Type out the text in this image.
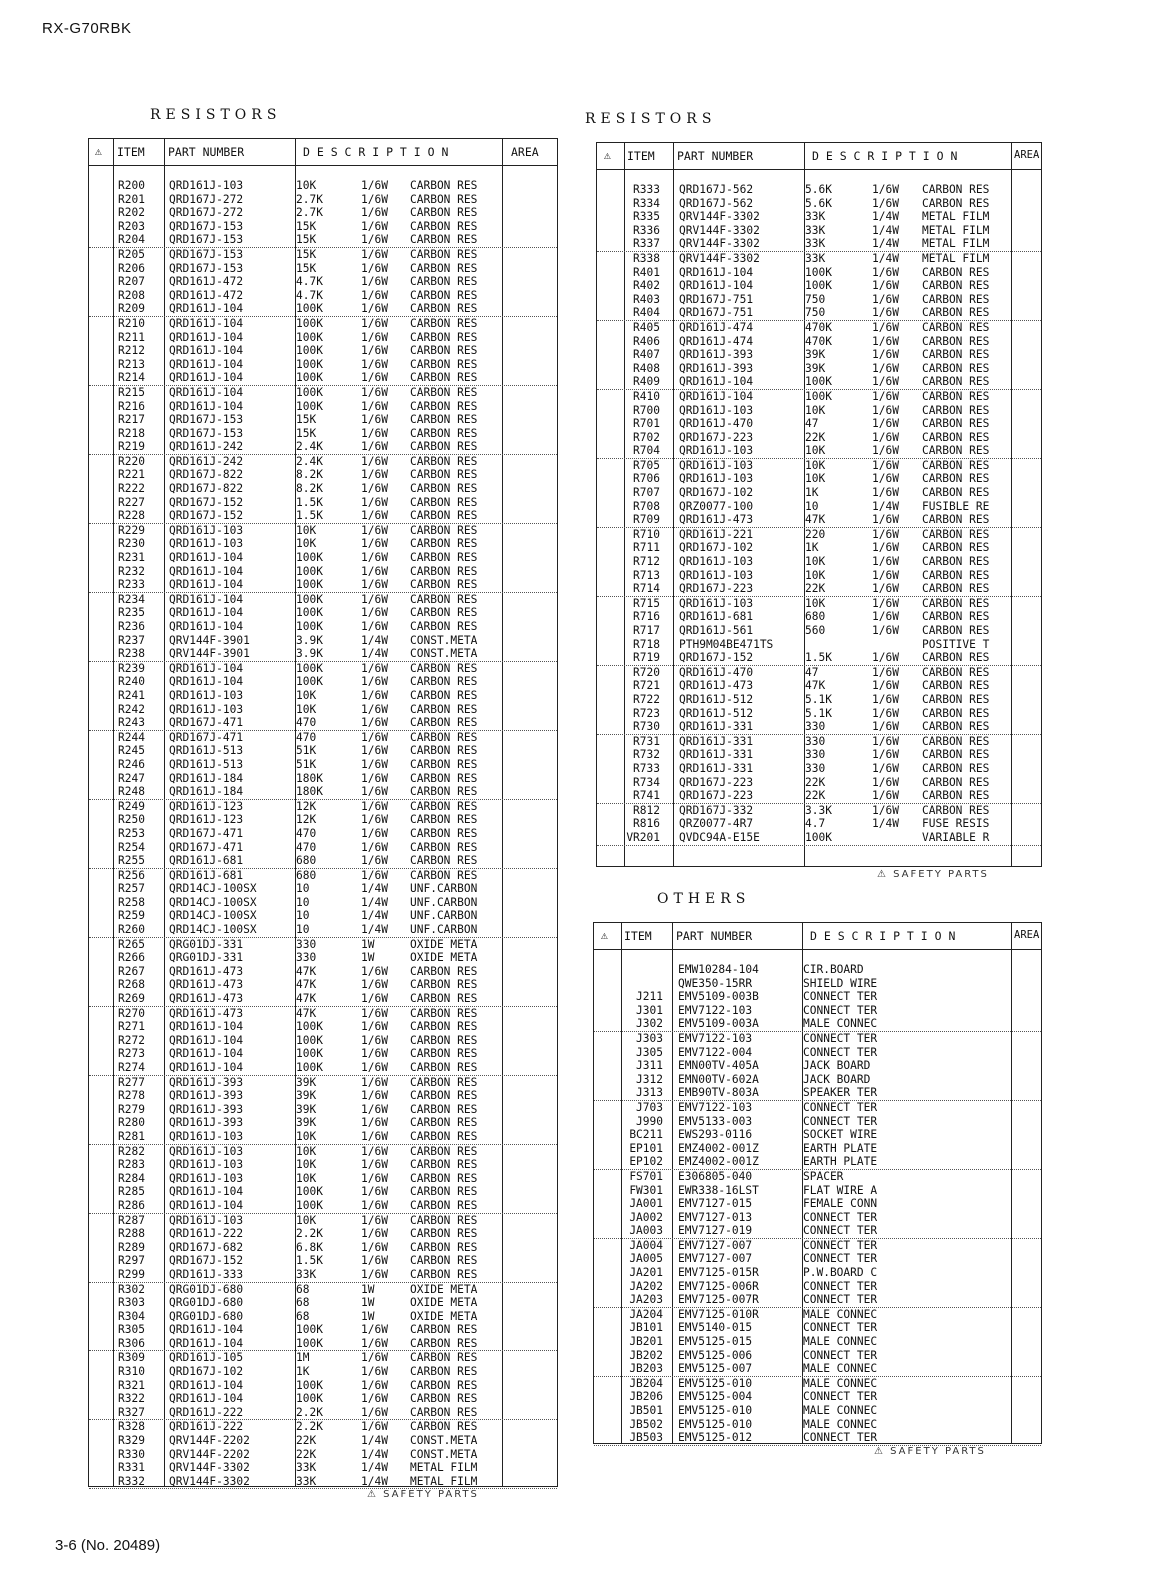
RX-G70RBK
RESISTORS
⚠ ITEM PART NUMBER	D E S C R I P T I O N	AREA
R200 QRD161J-103	10K	1/6W CARBON RES
R201 QRD167J-272	2.7K	1/6W CARBON RES
R202 QRD167J-272	2.7K	1/6W CARBON RES
R203 QRD167J-153	15K	1/6W CARBON RES
R204 QRD167J-153	15K	1/6W CARBON RES
R205 QRD167J-153	15K	1/6W CARBON RES
R206 QRD167J-153	15K	1/6W CARBON RES
R207 QRD161J-472	4.7K	1/6W CARBON RES
R208 QRD161J-472	4.7K	1/6W CARBON RES
R209 QRD161J-104	100K	1/6W CARBON RES
R210 QRD161J-104	100K	1/6W CARBON RES
R211 QRD161J-104	100K	1/6W CARBON RES
R212 QRD161J-104	100K	1/6W CARBON RES
R213 QRD161J-104	100K	1/6W CARBON RES
R214 QRD161J-104	100K	1/6W CARBON RES
R215 QRD161J-104	100K	1/6W CARBON RES
R216 QRD161J-104	100K	1/6W CARBON RES
R217 QRD167J-153	15K	1/6W CARBON RES
R218 QRD167J-153	15K	1/6W CARBON RES
R219 QRD161J-242	2.4K	1/6W CARBON RES
R220 QRD161J-242	2.4K	1/6W CARBON RES
R221 QRD167J-822	8.2K	1/6W CARBON RES
R222 QRD167J-822	8.2K	1/6W CARBON RES
R227 QRD167J-152	1.5K	1/6W CARBON RES
R228 QRD167J-152	1.5K	1/6W CARBON RES
R229 QRD161J-103	10K	1/6W CARBON RES
R230 QRD161J-103	10K	1/6W CARBON RES
R231 QRD161J-104	100K	1/6W CARBON RES
R232 QRD161J-104	100K	1/6W CARBON RES
R233 QRD161J-104	100K	1/6W CARBON RES
R234 QRD161J-104	100K	1/6W CARBON RES
R235 QRD161J-104	100K	1/6W CARBON RES
R236 QRD161J-104	100K	1/6W CARBON RES
R237 QRV144F-3901	3.9K	1/4W CONST.META
R238 QRV144F-3901	3.9K	1/4W CONST.META
R239 QRD161J-104	100K	1/6W CARBON RES
R240 QRD161J-104	100K	1/6W CARBON RES
R241 QRD161J-103	10K	1/6W CARBON RES
R242 QRD161J-103	10K	1/6W CARBON RES
R243 QRD167J-471	470	1/6W CARBON RES
R244 QRD167J-471	470	1/6W CARBON RES
R245 QRD161J-513	51K	1/6W CARBON RES
R246 QRD161J-513	51K	1/6W CARBON RES
R247 QRD161J-184	180K	1/6W CARBON RES
R248 QRD161J-184	180K	1/6W CARBON RES
R249 QRD161J-123	12K	1/6W CARBON RES
R250 QRD161J-123	12K	1/6W CARBON RES
R253 QRD167J-471	470	1/6W CARBON RES
R254 QRD167J-471	470	1/6W CARBON RES
R255 QRD161J-681	680	1/6W CARBON RES
R256 QRD161J-681	680	1/6W CARBON RES
R257 QRD14CJ-100SX	10	1/4W UNF.CARBON
R258 QRD14CJ-100SX	10	1/4W UNF.CARBON
R259 QRD14CJ-100SX	10	1/4W UNF.CARBON
R260 QRD14CJ-100SX	10	1/4W UNF.CARBON
R265 QRG01DJ-331	330	1W	OXIDE META
R266 QRG01DJ-331	330	1W	OXIDE META
R267 QRD161J-473	47K	1/6W CARBON RES
R268 QRD161J-473	47K	1/6W CARBON RES
R269 QRD161J-473	47K	1/6W CARBON RES
R270 QRD161J-473	47K	1/6W CARBON RES
R271 QRD161J-104	100K	1/6W CARBON RES
R272 QRD161J-104	100K	1/6W CARBON RES
R273 QRD161J-104	100K	1/6W CARBON RES
R274 QRD161J-104	100K	1/6W CARBON RES
R277 QRD161J-393	39K	1/6W CARBON RES
R278 QRD161J-393	39K	1/6W CARBON RES
R279 QRD161J-393	39K	1/6W CARBON RES
R280 QRD161J-393	39K	1/6W CARBON RES
R281 QRD161J-103	10K	1/6W CARBON RES
R282 QRD161J-103	10K	1/6W CARBON RES
R283 QRD161J-103	10K	1/6W CARBON RES
R284 QRD161J-103	10K	1/6W CARBON RES
R285 QRD161J-104	100K	1/6W CARBON RES
R286 QRD161J-104	100K	1/6W CARBON RES
R287 QRD161J-103	10K	1/6W CARBON RES
R288 QRD161J-222	2.2K	1/6W CARBON RES
R289 QRD167J-682	6.8K	1/6W CARBON RES
R297 QRD167J-152	1.5K	1/6W CARBON RES
R299 QRD161J-333	33K	1/6W CARBON RES
R302 QRG01DJ-680	68	1W	OXIDE META
R303 QRG01DJ-680	68	1W	OXIDE META
R304 QRG01DJ-680	68	1W	OXIDE META
R305 QRD161J-104	100K	1/6W CARBON RES
R306 QRD161J-104	100K	1/6W CARBON RES
R309 QRD161J-105	1M	1/6W CARBON RES
R310 QRD167J-102	1K	1/6W CARBON RES
R321 QRD161J-104	100K	1/6W CARBON RES
R322 QRD161J-104	100K	1/6W CARBON RES
R327 QRD161J-222	2.2K	1/6W CARBON RES
R328 QRD161J-222	2.2K	1/6W CARBON RES
R329 QRV144F-2202	22K	1/4W CONST.META
R330 QRV144F-2202	22K	1/4W CONST.META
R331 QRV144F-3302	33K	1/4W METAL FILM
R332 QRV144F-3302	33K	1/4W METAL FILM
⚠ SAFETY PARTS
RESISTORS
⚠ ITEM PART NUMBER	D E S C R I P T I O N	AREA
R333 QRD167J-562	5.6K	1/6W CARBON RES
R334 QRD167J-562	5.6K	1/6W CARBON RES
R335 QRV144F-3302	33K	1/4W METAL FILM
R336 QRV144F-3302	33K	1/4W METAL FILM
R337 QRV144F-3302	33K	1/4W METAL FILM
R338 QRV144F-3302	33K	1/4W METAL FILM
R401 QRD161J-104	100K	1/6W CARBON RES
R402 QRD161J-104	100K	1/6W CARBON RES
R403 QRD167J-751	750	1/6W CARBON RES
R404 QRD167J-751	750	1/6W CARBON RES
R405 QRD161J-474	470K	1/6W CARBON RES
R406 QRD161J-474	470K	1/6W CARBON RES
R407 QRD161J-393	39K	1/6W CARBON RES
R408 QRD161J-393	39K	1/6W CARBON RES
R409 QRD161J-104	100K	1/6W CARBON RES
R410 QRD161J-104	100K	1/6W CARBON RES
R700 QRD161J-103	10K	1/6W CARBON RES
R701 QRD161J-470	47	1/6W CARBON RES
R702 QRD167J-223	22K	1/6W CARBON RES
R704 QRD161J-103	10K	1/6W CARBON RES
R705 QRD161J-103	10K	1/6W CARBON RES
R706 QRD161J-103	10K	1/6W CARBON RES
R707 QRD167J-102	1K	1/6W CARBON RES
R708 QRZ0077-100	10	1/4W FUSIBLE RE
R709 QRD161J-473	47K	1/6W CARBON RES
R710 QRD161J-221	220	1/6W CARBON RES
R711 QRD167J-102	1K	1/6W CARBON RES
R712 QRD161J-103	10K	1/6W CARBON RES
R713 QRD161J-103	10K	1/6W CARBON RES
R714 QRD167J-223	22K	1/6W CARBON RES
R715 QRD161J-103	10K	1/6W CARBON RES
R716 QRD161J-681	680	1/6W CARBON RES
R717 QRD161J-561	560	1/6W CARBON RES
R718 PTH9M04BE471TS	POSITIVE T
R719 QRD167J-152	1.5K	1/6W CARBON RES
R720 QRD161J-470	47	1/6W CARBON RES
R721 QRD161J-473	47K	1/6W CARBON RES
R722 QRD161J-512	5.1K	1/6W CARBON RES
R723 QRD161J-512	5.1K	1/6W CARBON RES
R730 QRD161J-331	330	1/6W CARBON RES
R731 QRD161J-331	330	1/6W CARBON RES
R732 QRD161J-331	330	1/6W CARBON RES
R733 QRD161J-331	330	1/6W CARBON RES
R734 QRD167J-223	22K	1/6W CARBON RES
R741 QRD167J-223	22K	1/6W CARBON RES
R812 QRD167J-332	3.3K	1/6W CARBON RES
R816 QRZ0077-4R7	4.7	1/4W FUSE RESIS
VR201 QVDC94A-E15E	100K	VARIABLE R
⚠ SAFETY PARTS
OTHERS
⚠ ITEM PART NUMBER	D E S C R I P T I O N	AREA
EMW10284-104	CIR.BOARD
QWE350-15RR	SHIELD WIRE
J211 EMV5109-003B	CONNECT TER
J301 EMV7122-103	CONNECT TER
J302 EMV5109-003A	MALE CONNEC
J303 EMV7122-103	CONNECT TER
J305 EMV7122-004	CONNECT TER
J311 EMN00TV-405A	JACK BOARD
J312 EMN00TV-602A	JACK BOARD
J313 EMB90TV-803A	SPEAKER TER
J703 EMV7122-103	CONNECT TER
J990 EMV5133-003	CONNECT TER
BC211 EWS293-0116	SOCKET WIRE
EP101 EMZ4002-001Z	EARTH PLATE
EP102 EMZ4002-001Z	EARTH PLATE
FS701 E306805-040	SPACER
FW301 EWR338-16LST	FLAT WIRE A
JA001 EMV7127-015	FEMALE CONN
JA002 EMV7127-013	CONNECT TER
JA003 EMV7127-019	CONNECT TER
JA004 EMV7127-007	CONNECT TER
JA005 EMV7127-007	CONNECT TER
JA201 EMV7125-015R	P.W.BOARD C
JA202 EMV7125-006R	CONNECT TER
JA203 EMV7125-007R	CONNECT TER
JA204 EMV7125-010R	MALE CONNEC
JB101 EMV5140-015	CONNECT TER
JB201 EMV5125-015	MALE CONNEC
JB202 EMV5125-006	CONNECT TER
JB203 EMV5125-007	MALE CONNEC
JB204 EMV5125-010	MALE CONNEC
JB206 EMV5125-004	CONNECT TER
JB501 EMV5125-010	MALE CONNEC
JB502 EMV5125-010	MALE CONNEC
JB503 EMV5125-012	CONNECT TER
⚠ SAFETY PARTS
3-6 (No. 20489)
